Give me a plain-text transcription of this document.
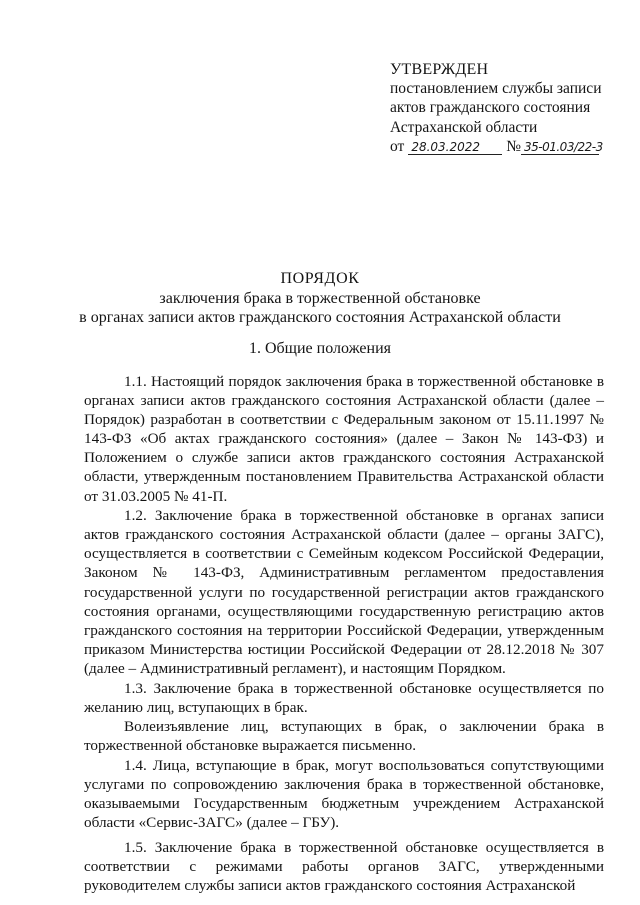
УТВЕРЖДЕН
постановлением службы записи
актов гражданского состояния
Астраханской области
от 28.03.2022 № 35-01.03/22-3
ПОРЯДОК
заключения брака в торжественной обстановке
в органах записи актов гражданского состояния Астраханской области
1. Общие положения

1.1. Настоящий порядок заключения брака в торжественной обстановке в органах записи актов гражданского состояния Астраханской области (далее – Порядок) разработан в соответствии с Федеральным законом от 15.11.1997 № 143-ФЗ «Об актах гражданского состояния» (далее – Закон № 143-ФЗ) и Положением о службе записи актов гражданского состояния Астраханской области, утвержденным постановлением Правительства Астраханской области от 31.03.2005 № 41-П.

1.2. Заключение брака в торжественной обстановке в органах записи актов гражданского состояния Астраханской области (далее – органы ЗАГС), осуществляется в соответствии с Семейным кодексом Российской Федерации, Законом № 143-ФЗ, Административным регламентом предоставления государственной услуги по государственной регистрации актов гражданского состояния органами, осуществляющими государственную регистрацию актов гражданского состояния на территории Российской Федерации, утвержденным приказом Министерства юстиции Российской Федерации от 28.12.2018 № 307 (далее – Административный регламент), и настоящим Порядком.

1.3. Заключение брака в торжественной обстановке осуществляется по желанию лиц, вступающих в брак.

Волеизъявление лиц, вступающих в брак, о заключении брака в торжественной обстановке выражается письменно.

1.4. Лица, вступающие в брак, могут воспользоваться сопутствующими услугами по сопровождению заключения брака в торжественной обстановке, оказываемыми Государственным бюджетным учреждением Астраханской области «Сервис-ЗАГС» (далее – ГБУ).

1.5. Заключение брака в торжественной обстановке осуществляется в соответствии с режимами работы органов ЗАГС, утвержденными руководителем службы записи актов гражданского состояния Астраханской
